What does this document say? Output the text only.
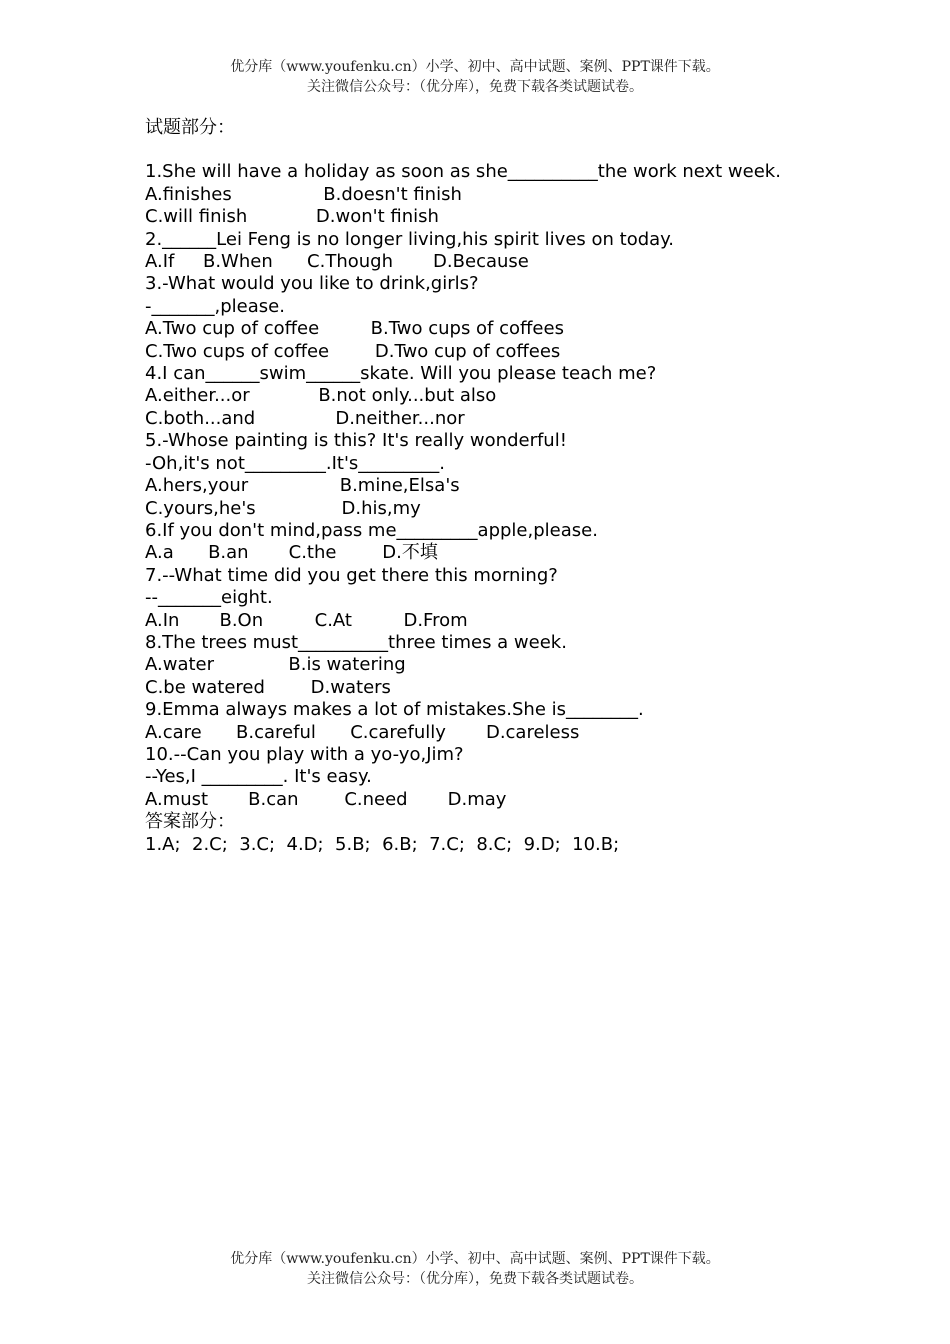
优分库（www.youfenku.cn）小学、初中、高中试题、案例、PPT课件下载。
关注微信公众号：（优分库），免费下载各类试题试卷。
试题部分：
1.She will have a holiday as soon as she__________the work next week.
A.finishes                B.doesn't finish
C.will finish            D.won't finish
2.______Lei Feng is no longer living,his spirit lives on today.
A.If     B.When      C.Though       D.Because
3.-What would you like to drink,girls?
-_______,please.
A.Two cup of coffee         B.Two cups of coffees
C.Two cups of coffee        D.Two cup of coffees
4.I can______swim______skate. Will you please teach me?
A.either...or            B.not only...but also
C.both...and              D.neither...nor
5.-Whose painting is this? It's really wonderful!
-Oh,it's not_________.It's_________.
A.hers,your                B.mine,Elsa's
C.yours,he's               D.his,my
6.If you don't mind,pass me_________apple,please.
A.a      B.an       C.the        D.不填
7.--What time did you get there this morning?
--_______eight.
A.In       B.On         C.At         D.From
8.The trees must__________three times a week.
A.water             B.is watering
C.be watered        D.waters
9.Emma always makes a lot of mistakes.She is________.
A.care      B.careful      C.carefully       D.careless
10.--Can you play with a yo-yo,Jim?
--Yes,I _________. It's easy.
A.must       B.can        C.need       D.may
答案部分：
1.A;  2.C;  3.C;  4.D;  5.B;  6.B;  7.C;  8.C;  9.D;  10.B;
优分库（www.youfenku.cn）小学、初中、高中试题、案例、PPT课件下载。
关注微信公众号：（优分库），免费下载各类试题试卷。
